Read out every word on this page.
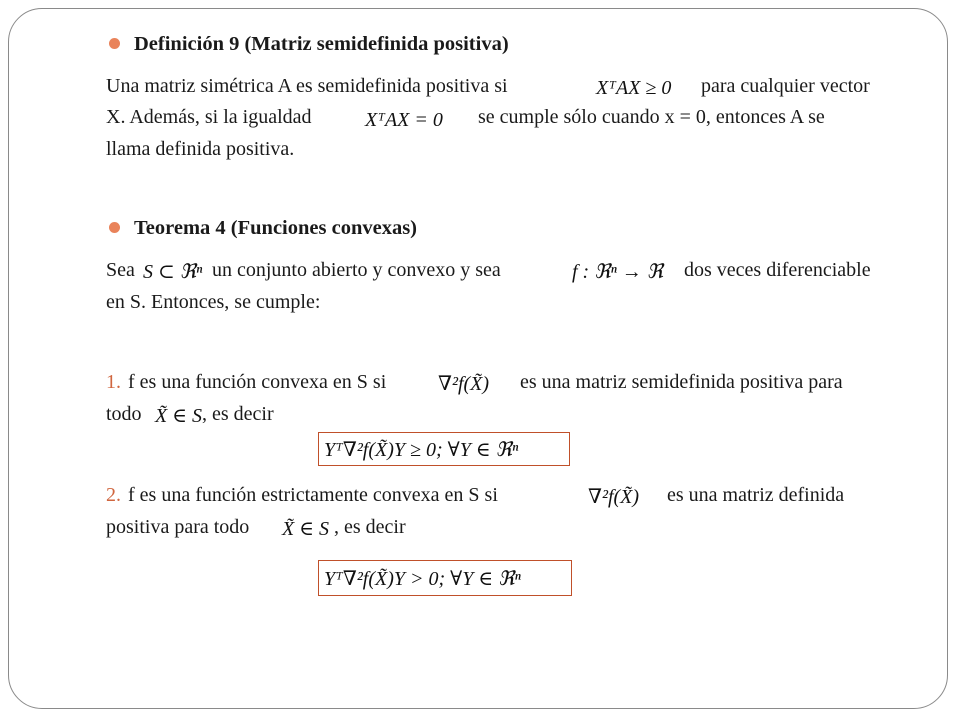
Definición 9 (Matriz semidefinida positiva)

Una matriz simétrica A es semidefinida positiva si	XᵀAX ≥ 0 para cualquier vector

X. Además, si la igualdad	XᵀAX = 0 se cumple sólo cuando x = 0, entonces A se

llama definida positiva.

Teorema 4 (Funciones convexas)

Sea S ⊂ ℜⁿ un conjunto abierto y convexo y sea	f : ℜⁿ → ℜ dos veces diferenciable

en S. Entonces, se cumple:

1. f es una función convexa en S si	∇²f(X̃) es una matriz semidefinida positiva para

todo X̃ ∈ S , es decir

Yᵀ∇²f(X̃)Y ≥ 0; ∀Y ∈ ℜⁿ

2. f es una función estrictamente convexa en S si	∇²f(X̃) es una matriz definida

positiva para todo X̃ ∈ S , es decir

Yᵀ∇²f(X̃)Y > 0; ∀Y ∈ ℜⁿ
